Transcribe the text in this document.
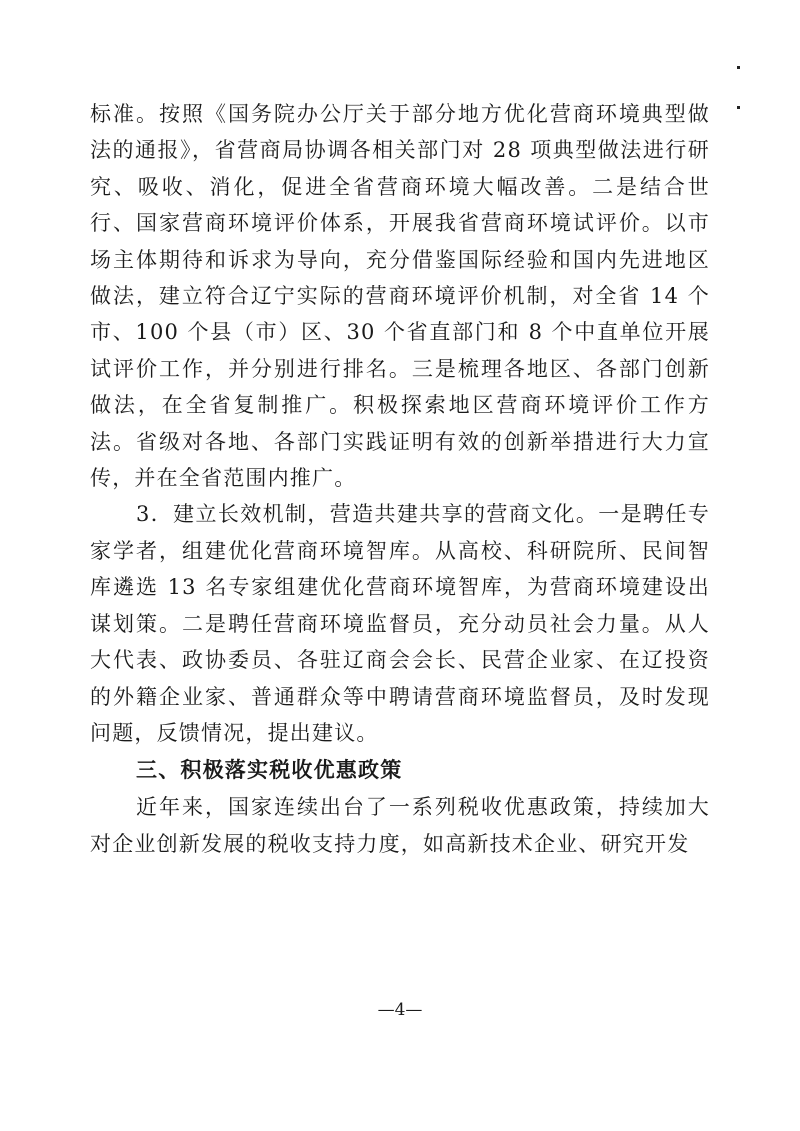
标准。按照《国务院办公厅关于部分地方优化营商环境典型做法的通报》，省营商局协调各相关部门对 28 项典型做法进行研究、吸收、消化，促进全省营商环境大幅改善。二是结合世行、国家营商环境评价体系，开展我省营商环境试评价。以市场主体期待和诉求为导向，充分借鉴国际经验和国内先进地区做法，建立符合辽宁实际的营商环境评价机制，对全省 14 个市、100 个县（市）区、30 个省直部门和 8 个中直单位开展试评价工作，并分别进行排名。三是梳理各地区、各部门创新做法，在全省复制推广。积极探索地区营商环境评价工作方法。省级对各地、各部门实践证明有效的创新举措进行大力宣传，并在全省范围内推广。

3．建立长效机制，营造共建共享的营商文化。一是聘任专家学者，组建优化营商环境智库。从高校、科研院所、民间智库遴选 13 名专家组建优化营商环境智库，为营商环境建设出谋划策。二是聘任营商环境监督员，充分动员社会力量。从人大代表、政协委员、各驻辽商会会长、民营企业家、在辽投资的外籍企业家、普通群众等中聘请营商环境监督员，及时发现问题，反馈情况，提出建议。

三、积极落实税收优惠政策

近年来，国家连续出台了一系列税收优惠政策，持续加大对企业创新发展的税收支持力度，如高新技术企业、研究开发

—4—
